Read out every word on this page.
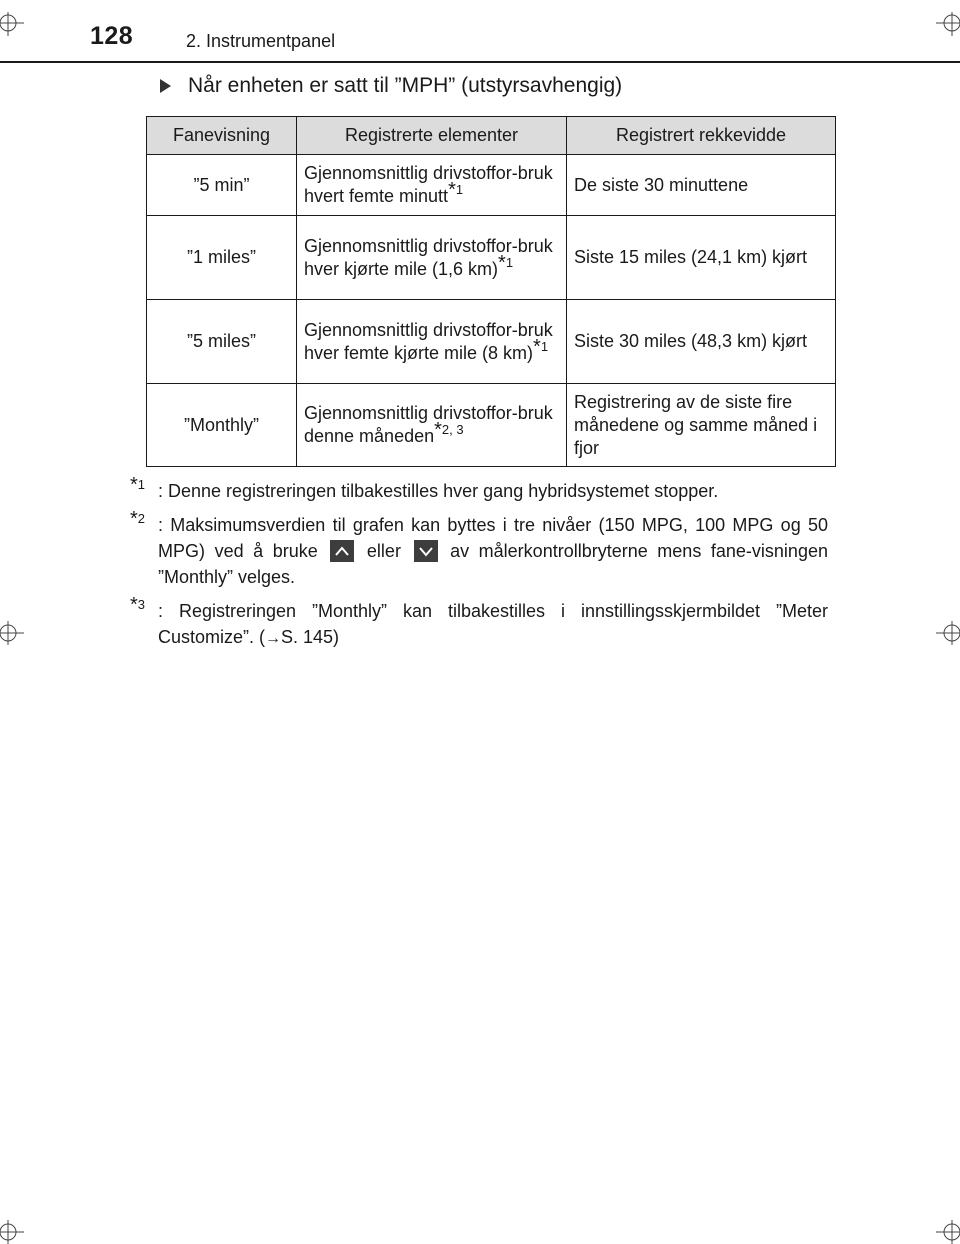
128	2. Instrumentpanel
Når enheten er satt til ”MPH” (utstyrsavhengig)
Fanevisning	Registrerte elementer	Registrert rekkevidde
”5 min”	Gjennomsnittlig drivstoffor-bruk hvert femte minutt$^{*1}$	De siste 30 minuttene
”1 miles”	Gjennomsnittlig drivstoffor-bruk hver kjørte mile (1,6 km)$^{*1}$	Siste 15 miles (24,1 km) kjørt
”5 miles”	Gjennomsnittlig drivstoffor-bruk hver femte kjørte mile (8 km)$^{*1}$	Siste 30 miles (48,3 km) kjørt
”Monthly”	Gjennomsnittlig drivstoffor-bruk denne måneden$^{*2, 3}$	Registrering av de siste fire månedene og samme måned i fjor
$^{*1}$ : Denne registreringen tilbakestilles hver gang hybridsystemet stopper.
$^{*2}$ : Maksimumsverdien til grafen kan byttes i tre nivåer (150 MPG, 100 MPG og 50 MPG) ved å bruke	eller	av målerkontrollbryterne mens fane-visningen ”Monthly” velges.
$^{*3}$ : Registreringen ”Monthly” kan tilbakestilles i innstillingsskjermbildet ”Meter Customize”. (→S. 145)
